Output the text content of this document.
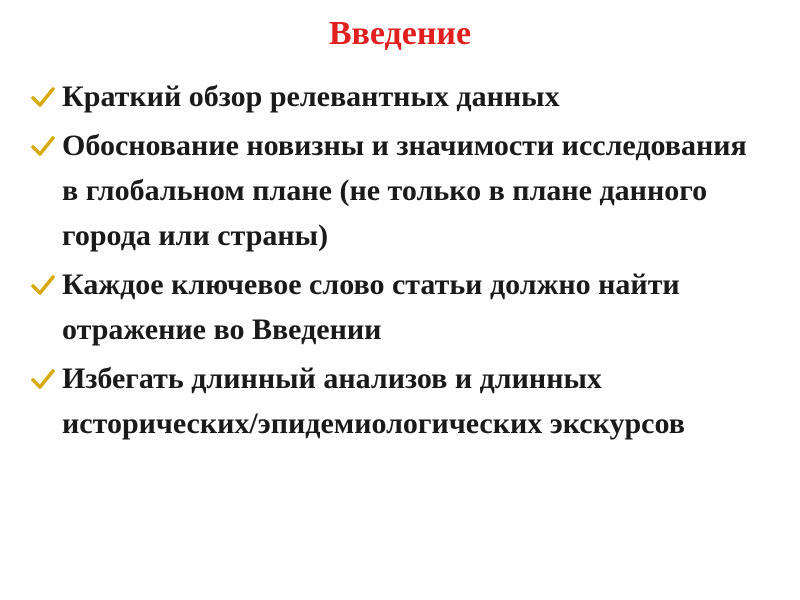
Введение
Краткий обзор релевантных данных
Обоснование новизны и значимости исследования в глобальном плане (не только в плане данного города или страны)
Каждое ключевое слово статьи должно найти отражение во Введении
Избегать длинный анализов и длинных исторических/эпидемиологических экскурсов
